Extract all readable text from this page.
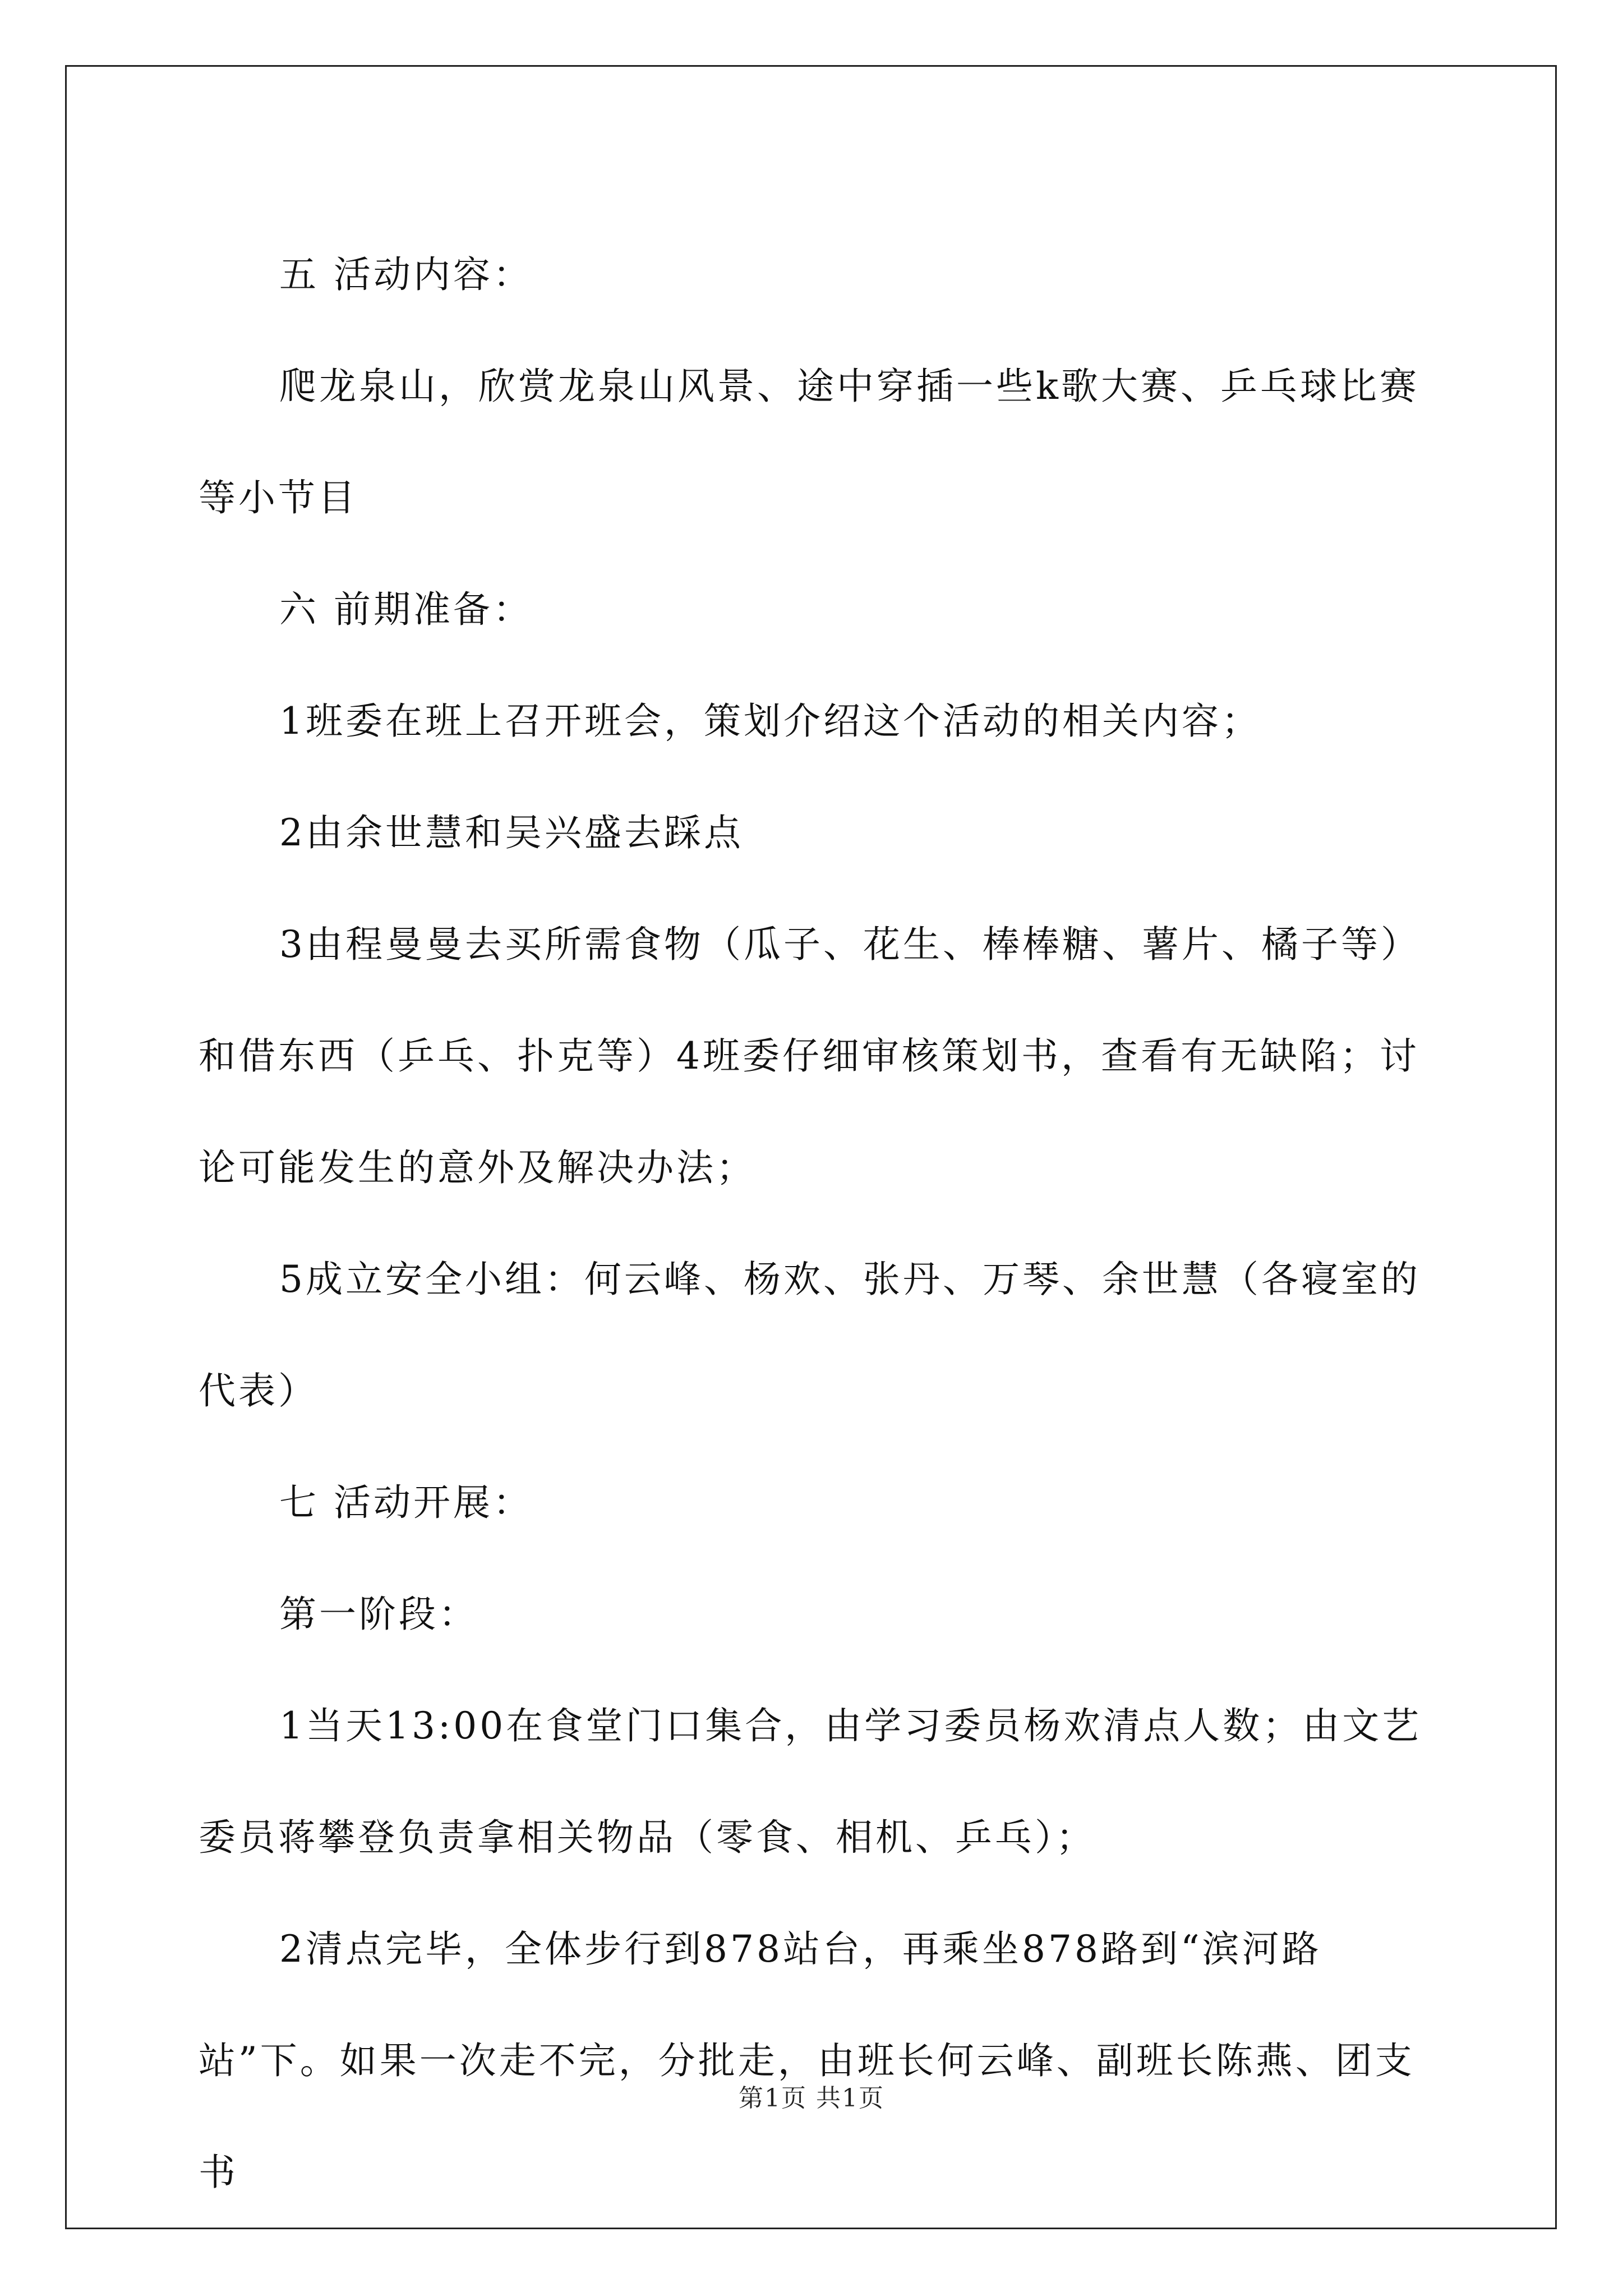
五 活动内容：

爬龙泉山，欣赏龙泉山风景、途中穿插一些k歌大赛、乒乓球比赛等小节目

六 前期准备：

1班委在班上召开班会，策划介绍这个活动的相关内容；

2由余世慧和吴兴盛去踩点

3由程曼曼去买所需食物（瓜子、花生、棒棒糖、薯片、橘子等）和借东西（乒乓、扑克等）4班委仔细审核策划书，查看有无缺陷；讨论可能发生的意外及解决办法；

5成立安全小组：何云峰、杨欢、张丹、万琴、余世慧（各寝室的代表）

七 活动开展：

第一阶段：

1当天13:00在食堂门口集合，由学习委员杨欢清点人数；由文艺委员蒋攀登负责拿相关物品（零食、相机、乒乓）；

2清点完毕，全体步行到878站台，再乘坐878路到“滨河路站”下。如果一次走不完，分批走，由班长何云峰、副班长陈燕、团支书

第1页 共1页
